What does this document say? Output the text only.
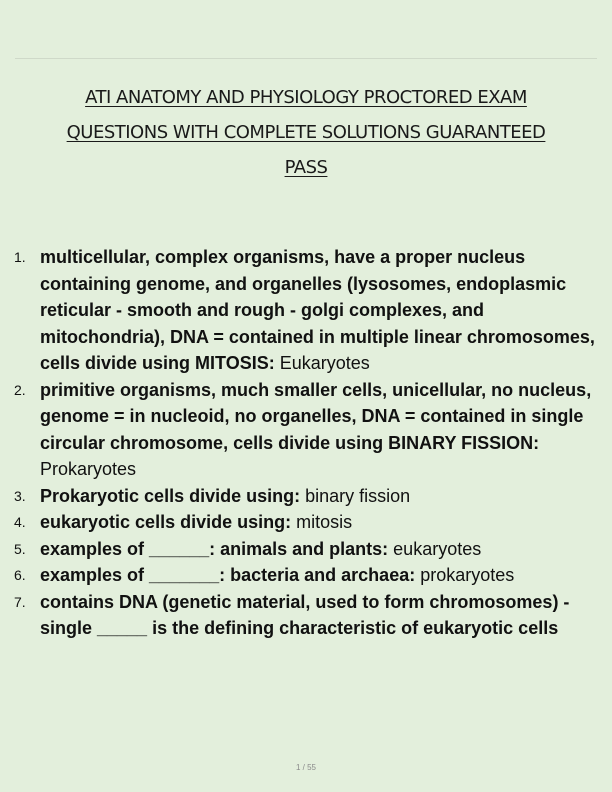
ATI ANATOMY AND PHYSIOLOGY PROCTORED EXAM
QUESTIONS WITH COMPLETE SOLUTIONS GUARANTEED
PASS
1. multicellular, complex organisms, have a proper nucleus containing genome, and organelles (lysosomes, endoplasmic reticular - smooth and rough - golgi complexes, and mitochondria), DNA = contained in multiple linear chromosomes, cells divide using MITOSIS: Eukaryotes
2. primitive organisms, much smaller cells, unicellular, no nucleus, genome = in nucleoid, no organelles, DNA = contained in single circular chromosome, cells divide using BINARY FISSION: Prokaryotes
3. Prokaryotic cells divide using: binary fission
4. eukaryotic cells divide using: mitosis
5. examples of ______: animals and plants: eukaryotes
6. examples of _______: bacteria and archaea: prokaryotes
7. contains DNA (genetic material, used to form chromosomes) - single _____ is the defining characteristic of eukaryotic cells
1 / 55
